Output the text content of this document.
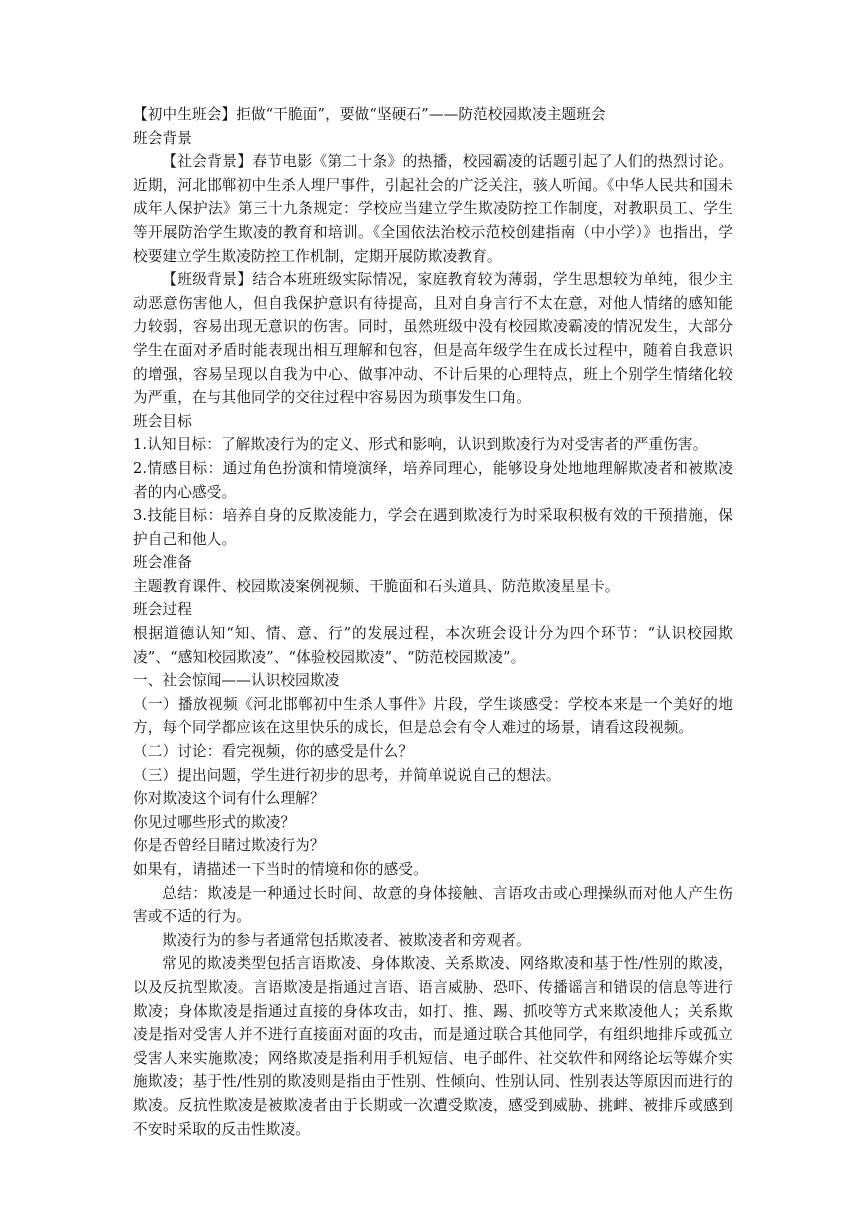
【初中生班会】拒做“干脆面”，要做“坚硬石”——防范校园欺凌主题班会

班会背景

【社会背景】春节电影《第二十条》的热播，校园霸凌的话题引起了人们的热烈讨论。近期，河北邯郸初中生杀人埋尸事件，引起社会的广泛关注，骇人听闻。《中华人民共和国未成年人保护法》第三十九条规定：学校应当建立学生欺凌防控工作制度，对教职员工、学生等开展防治学生欺凌的教育和培训。《全国依法治校示范校创建指南（中小学）》也指出，学校要建立学生欺凌防控工作机制，定期开展防欺凌教育。

【班级背景】结合本班班级实际情况，家庭教育较为薄弱，学生思想较为单纯，很少主动恶意伤害他人，但自我保护意识有待提高，且对自身言行不太在意，对他人情绪的感知能力较弱，容易出现无意识的伤害。同时，虽然班级中没有校园欺凌霸凌的情况发生，大部分学生在面对矛盾时能表现出相互理解和包容，但是高年级学生在成长过程中，随着自我意识的增强，容易呈现以自我为中心、做事冲动、不计后果的心理特点，班上个别学生情绪化较为严重，在与其他同学的交往过程中容易因为琐事发生口角。

班会目标

1.认知目标：了解欺凌行为的定义、形式和影响，认识到欺凌行为对受害者的严重伤害。

2.情感目标：通过角色扮演和情境演绎，培养同理心，能够设身处地地理解欺凌者和被欺凌者的内心感受。

3.技能目标：培养自身的反欺凌能力，学会在遇到欺凌行为时采取积极有效的干预措施，保护自己和他人。

班会准备

主题教育课件、校园欺凌案例视频、干脆面和石头道具、防范欺凌星星卡。

班会过程

根据道德认知“知、情、意、行”的发展过程，本次班会设计分为四个环节：“认识校园欺凌”、“感知校园欺凌”、“体验校园欺凌”、“防范校园欺凌”。

一、社会惊闻——认识校园欺凌

（一）播放视频《河北邯郸初中生杀人事件》片段，学生谈感受：学校本来是一个美好的地方，每个同学都应该在这里快乐的成长，但是总会有令人难过的场景，请看这段视频。

（二）讨论：看完视频，你的感受是什么？

（三）提出问题，学生进行初步的思考，并简单说说自己的想法。

你对欺凌这个词有什么理解？

你见过哪些形式的欺凌？

你是否曾经目睹过欺凌行为？

如果有，请描述一下当时的情境和你的感受。

总结：欺凌是一种通过长时间、故意的身体接触、言语攻击或心理操纵而对他人产生伤害或不适的行为。

欺凌行为的参与者通常包括欺凌者、被欺凌者和旁观者。

常见的欺凌类型包括言语欺凌、身体欺凌、关系欺凌、网络欺凌和基于性/性别的欺凌，以及反抗型欺凌。言语欺凌是指通过言语、语言威胁、恐吓、传播谣言和错误的信息等进行欺凌；身体欺凌是指通过直接的身体攻击，如打、推、踢、抓咬等方式来欺凌他人；关系欺凌是指对受害人并不进行直接面对面的攻击，而是通过联合其他同学，有组织地排斥或孤立受害人来实施欺凌；网络欺凌是指利用手机短信、电子邮件、社交软件和网络论坛等媒介实施欺凌；基于性/性别的欺凌则是指由于性别、性倾向、性别认同、性别表达等原因而进行的欺凌。反抗性欺凌是被欺凌者由于长期或一次遭受欺凌，感受到威胁、挑衅、被排斥或感到不安时采取的反击性欺凌。
